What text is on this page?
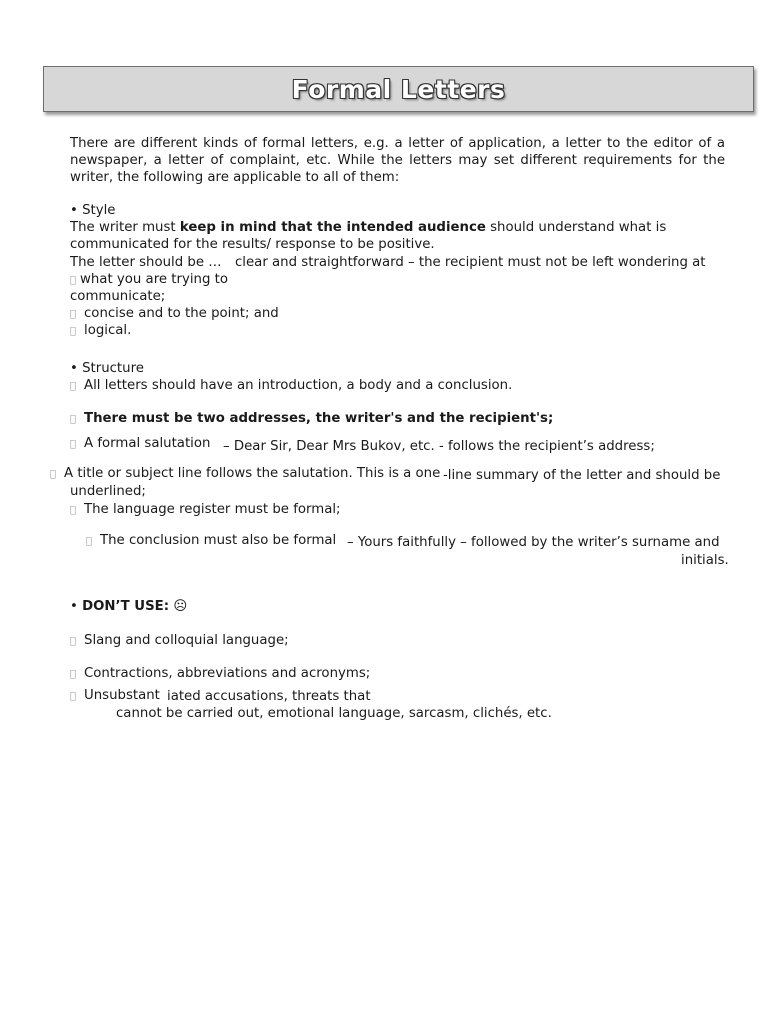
Formal Letters
There are different kinds of formal letters, e.g. a letter of application, a letter to the editor of a newspaper, a letter of complaint, etc. While the letters may set different requirements for the writer, the following are applicable to all of them:
• Style
The writer must keep in mind that the intended audience should understand what is
communicated for the results/ response to be positive.
The letter should be … clear and straightforward – the recipient must not be left wondering at
what you are trying to
communicate;
concise and to the point; and
logical.
• Structure
All letters should have an introduction, a body and a conclusion.
There must be two addresses, the writer's and the recipient's;
A formal salutation – Dear Sir, Dear Mrs Bukov, etc. - follows the recipient’s address;
A title or subject line follows the salutation. This is a one -line summary of the letter and should be
underlined;
The language register must be formal;
The conclusion must also be formal – Yours faithfully – followed by the writer’s surname and
initials.
• DON’T USE: ☹
Slang and colloquial language;
Contractions, abbreviations and acronyms;
Unsubstant iated accusations, threats that
cannot be carried out, emotional language, sarcasm, clichés, etc.
